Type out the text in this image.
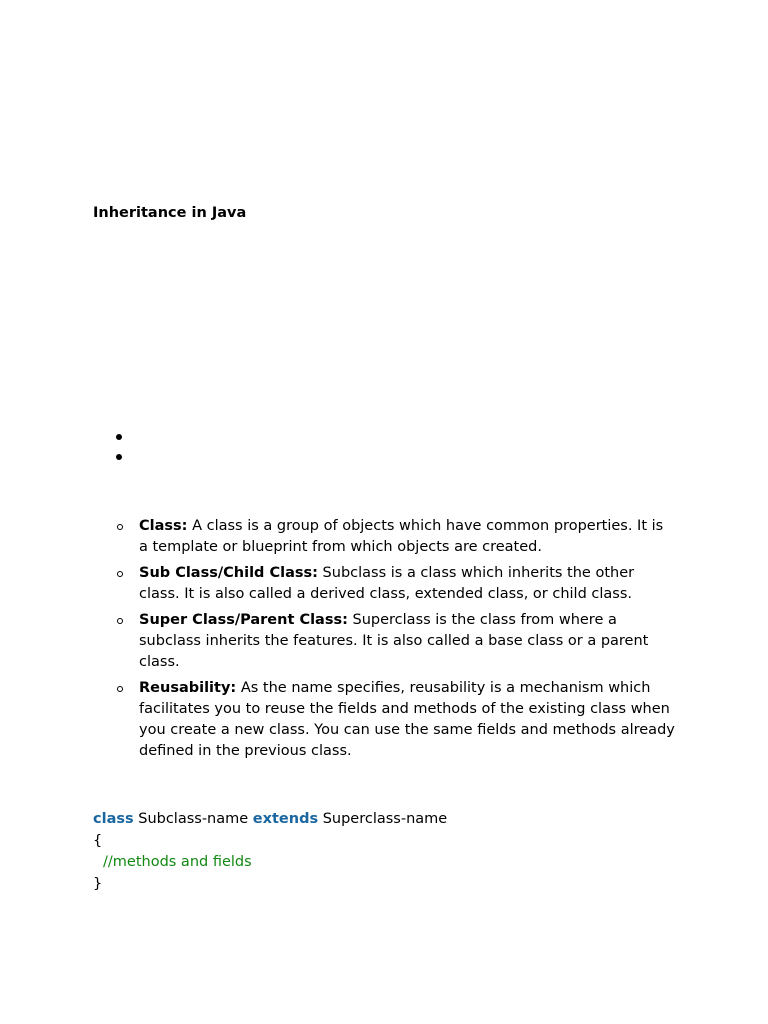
Inheritance in Java
Class: A class is a group of objects which have common properties. It is a template or blueprint from which objects are created.
Sub Class/Child Class: Subclass is a class which inherits the other class. It is also called a derived class, extended class, or child class.
Super Class/Parent Class: Superclass is the class from where a subclass inherits the features. It is also called a base class or a parent class.
Reusability: As the name specifies, reusability is a mechanism which facilitates you to reuse the fields and methods of the existing class when you create a new class. You can use the same fields and methods already defined in the previous class.
class Subclass-name extends Superclass-name
{
//methods and fields
}
